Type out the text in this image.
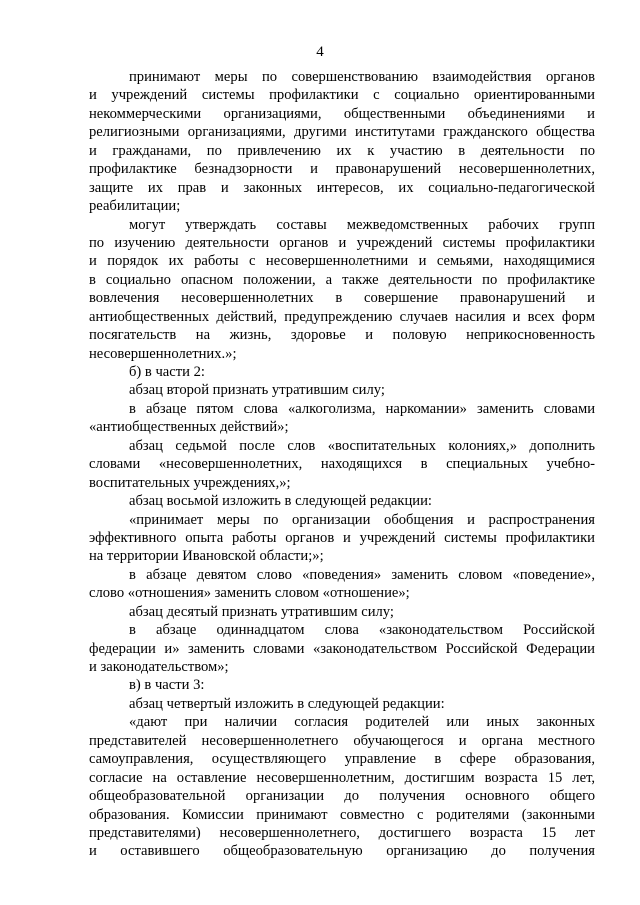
4
принимают меры по совершенствованию взаимодействия органов
и учреждений системы профилактики с социально ориентированными
некоммерческими организациями, общественными объединениями и
религиозными организациями, другими институтами гражданского общества
и гражданами, по привлечению их к участию в деятельности по
профилактике безнадзорности и правонарушений несовершеннолетних,
защите их прав и законных интересов, их социально-педагогической
реабилитации;
могут утверждать составы межведомственных рабочих групп
по изучению деятельности органов и учреждений системы профилактики
и порядок их работы с несовершеннолетними и семьями, находящимися
в социально опасном положении, а также деятельности по профилактике
вовлечения несовершеннолетних в совершение правонарушений и
антиобщественных действий, предупреждению случаев насилия и всех форм
посягательств на жизнь, здоровье и половую неприкосновенность
несовершеннолетних.»;
б) в части 2:
абзац второй признать утратившим силу;
в абзаце пятом слова «алкоголизма, наркомании» заменить словами
«антиобщественных действий»;
абзац седьмой после слов «воспитательных колониях,» дополнить
словами «несовершеннолетних, находящихся в специальных учебно-
воспитательных учреждениях,»;
абзац восьмой изложить в следующей редакции:
«принимает меры по организации обобщения и распространения
эффективного опыта работы органов и учреждений системы профилактики
на территории Ивановской области;»;
в абзаце девятом слово «поведения» заменить словом «поведение»,
слово «отношения» заменить словом «отношение»;
абзац десятый признать утратившим силу;
в абзаце одиннадцатом слова «законодательством Российской
федерации и» заменить словами «законодательством Российской Федерации
и законодательством»;
в) в части 3:
абзац четвертый изложить в следующей редакции:
«дают при наличии согласия родителей или иных законных
представителей несовершеннолетнего обучающегося и органа местного
самоуправления, осуществляющего управление в сфере образования,
согласие на оставление несовершеннолетним, достигшим возраста 15 лет,
общеобразовательной организации до получения основного общего
образования. Комиссии принимают совместно с родителями (законными
представителями) несовершеннолетнего, достигшего возраста 15 лет
и оставившего общеобразовательную организацию до получения
